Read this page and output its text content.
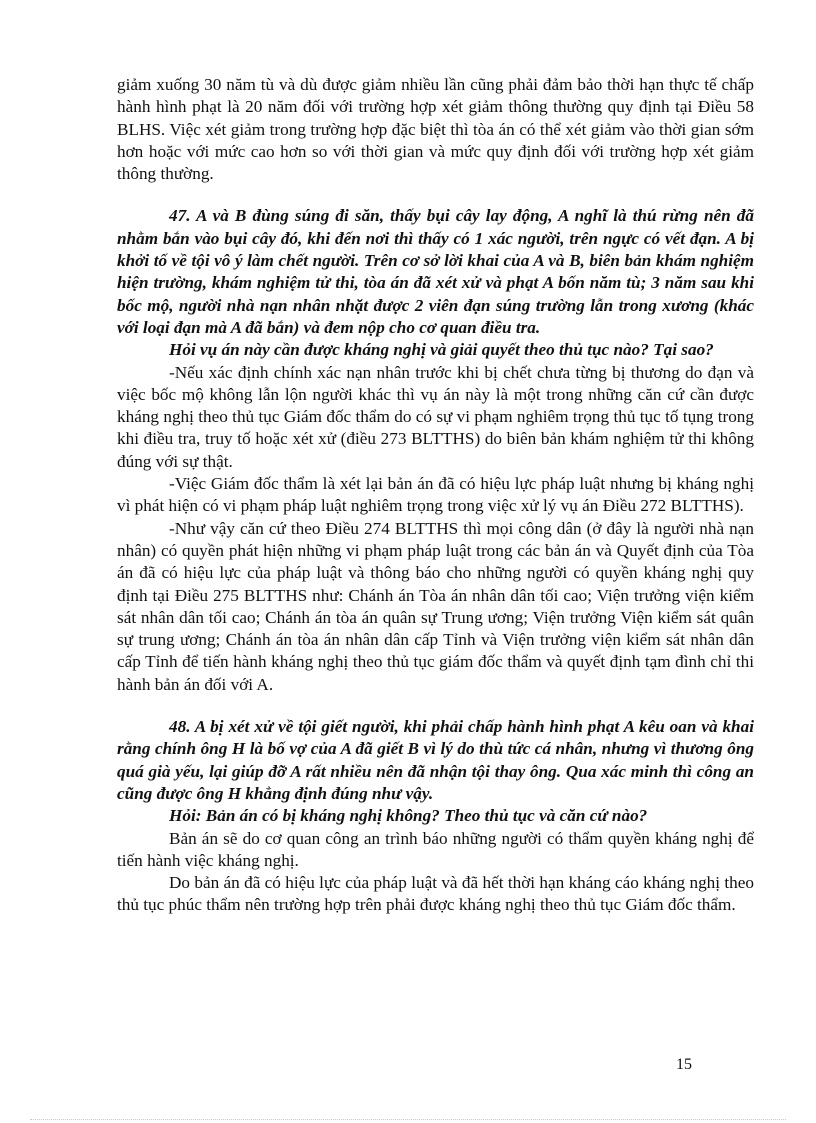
giảm xuống 30 năm tù và dù được giảm nhiều lần cũng phải đảm bảo thời hạn thực tế chấp hành hình phạt là 20 năm đối với trường hợp xét giảm thông thường quy định tại Điều 58 BLHS. Việc xét giảm trong trường hợp đặc biệt thì tòa án có thể xét giảm vào thời gian sớm hơn hoặc với mức cao hơn so với thời gian và mức quy định đối với trường hợp xét giảm thông thường.

47. A và B đùng súng đi săn, thấy bụi cây lay động, A nghĩ là thú rừng nên đã nhằm bắn vào bụi cây đó, khi đến nơi thì thấy có 1 xác người, trên ngực có vết đạn. A bị khởi tố về tội vô ý làm chết người. Trên cơ sở lời khai của A và B, biên bản khám nghiệm hiện trường, khám nghiệm tử thi, tòa án đã xét xử và phạt A bốn năm tù; 3 năm sau khi bốc mộ, người nhà nạn nhân nhặt được 2 viên đạn súng trường lẫn trong xương (khác với loại đạn mà A đã bắn) và đem nộp cho cơ quan điều tra.

Hỏi vụ án này cần được kháng nghị và giải quyết theo thủ tục nào? Tại sao?

-Nếu xác định chính xác nạn nhân trước khi bị chết chưa từng bị thương do đạn và việc bốc mộ không lẫn lộn người khác thì vụ án này là một trong những căn cứ cần được kháng nghị theo thủ tục Giám đốc thẩm do có sự vi phạm nghiêm trọng thủ tục tố tụng trong khi điều tra, truy tố hoặc xét xử (điều 273 BLTTHS) do biên bản khám nghiệm tử thi không đúng với sự thật.

-Việc Giám đốc thẩm là xét lại bản án đã có hiệu lực pháp luật nhưng bị kháng nghị vì phát hiện có vi phạm pháp luật nghiêm trọng trong việc xử lý vụ án Điều 272 BLTTHS).

-Như vậy căn cứ theo Điều 274 BLTTHS thì mọi công dân (ở đây là người nhà nạn nhân) có quyền phát hiện những vi phạm pháp luật trong các bản án và Quyết định của Tòa án đã có hiệu lực của pháp luật và thông báo cho những người có quyền kháng nghị quy định tại Điều 275 BLTTHS như: Chánh án Tòa án nhân dân tối cao; Viện trưởng viện kiểm sát nhân dân tối cao; Chánh án tòa án quân sự Trung ương; Viện trưởng Viện kiểm sát quân sự trung ương; Chánh án tòa án nhân dân cấp Tỉnh và Viện trưởng viện kiểm sát nhân dân cấp Tỉnh để tiến hành kháng nghị theo thủ tục giám đốc thẩm và quyết định tạm đình chỉ thi hành bản án đối với A.

48. A bị xét xử về tội giết người, khi phải chấp hành hình phạt A kêu oan và khai rằng chính ông H là bố vợ của A đã giết B vì lý do thù tức cá nhân, nhưng vì thương ông quá già yếu, lại giúp đỡ A rất nhiều nên đã nhận tội thay ông. Qua xác minh thì công an cũng được ông H khẳng định đúng như vậy.

Hỏi: Bản án có bị kháng nghị không? Theo thủ tục và căn cứ nào?

Bản án sẽ do cơ quan công an trình báo những người có thẩm quyền kháng nghị để tiến hành việc kháng nghị.

Do bản án đã có hiệu lực của pháp luật và đã hết thời hạn kháng cáo kháng nghị theo thủ tục phúc thẩm nên trường hợp trên phải được kháng nghị theo thủ tục Giám đốc thẩm.

15
